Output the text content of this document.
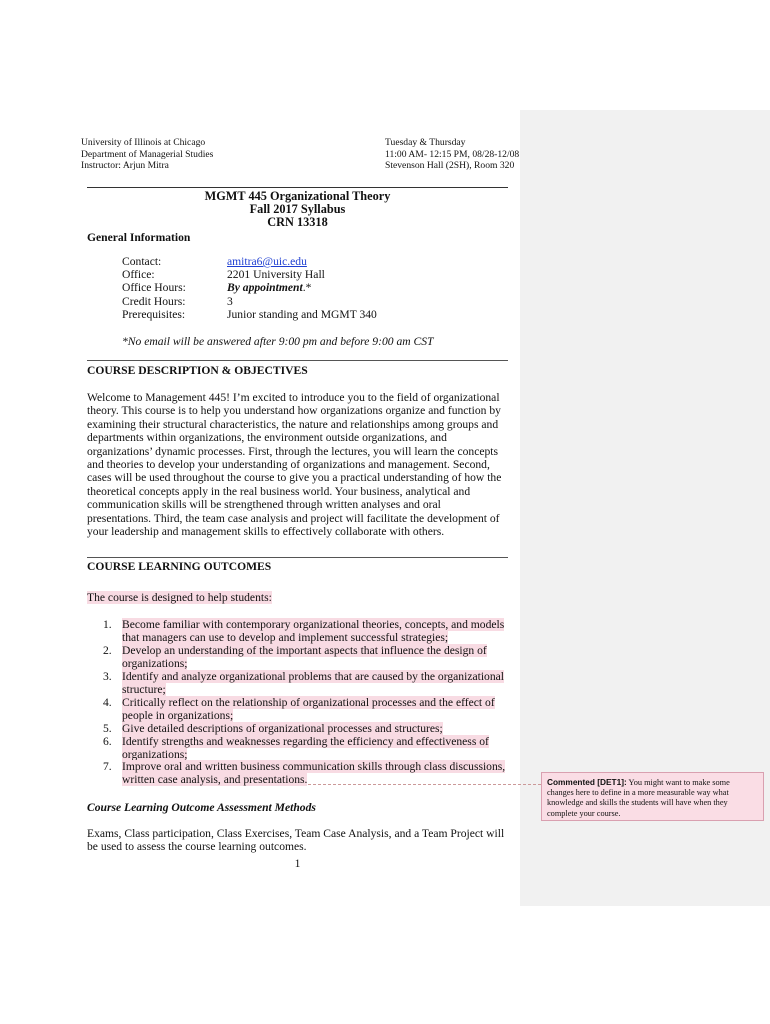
University of Illinois at Chicago
Department of Managerial Studies
Instructor: Arjun Mitra
Tuesday & Thursday
11:00 AM- 12:15 PM, 08/28-12/08
Stevenson Hall (2SH), Room 320
MGMT 445 Organizational Theory
Fall 2017 Syllabus
CRN 13318
General Information
Contact:
Office:
Office Hours:
Credit Hours:
Prerequisites:
amitra6@uic.edu
2201 University Hall
By appointment.*
3
Junior standing and MGMT 340
*No email will be answered after 9:00 pm and before 9:00 am CST
COURSE DESCRIPTION & OBJECTIVES
Welcome to Management 445! I’m excited to introduce you to the field of organizational
theory. This course is to help you understand how organizations organize and function by
examining their structural characteristics, the nature and relationships among groups and
departments within organizations, the environment outside organizations, and
organizations’ dynamic processes. First, through the lectures, you will learn the concepts
and theories to develop your understanding of organizations and management. Second,
cases will be used throughout the course to give you a practical understanding of how the
theoretical concepts apply in the real business world. Your business, analytical and
communication skills will be strengthened through written analyses and oral
presentations. Third, the team case analysis and project will facilitate the development of
your leadership and management skills to effectively collaborate with others.
COURSE LEARNING OUTCOMES
The course is designed to help students:
1. Become familiar with contemporary organizational theories, concepts, and models
that managers can use to develop and implement successful strategies;
2. Develop an understanding of the important aspects that influence the design of
organizations;
3. Identify and analyze organizational problems that are caused by the organizational
structure;
4. Critically reflect on the relationship of organizational processes and the effect of
people in organizations;
5. Give detailed descriptions of organizational processes and structures;
6. Identify strengths and weaknesses regarding the efficiency and effectiveness of
organizations;
7. Improve oral and written business communication skills through class discussions,
written case analysis, and presentations.
Course Learning Outcome Assessment Methods
Exams, Class participation, Class Exercises, Team Case Analysis, and a Team Project will
be used to assess the course learning outcomes.
1
Commented [DET1]: You might want to make some changes here to define in a more measurable way what knowledge and skills the students will have when they complete your course.
